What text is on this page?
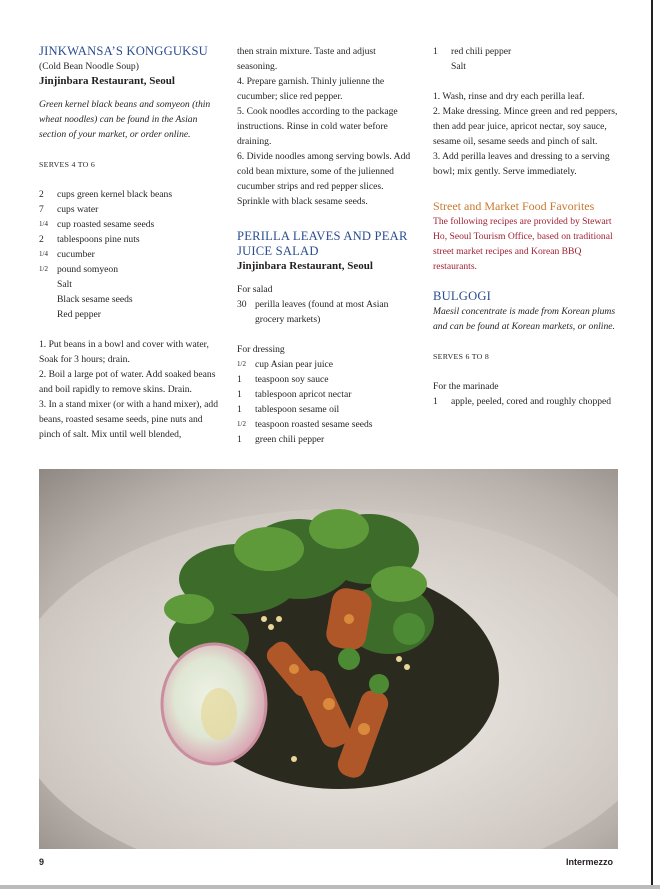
JINKWANSA’S KONGGUKSU
(Cold Bean Noodle Soup)
Jinjinbara Restaurant, Seoul
Green kernel black beans and somyeon (thin wheat noodles) can be found in the Asian section of your market, or order online.
SERVES 4 TO 6
2	cups green kernel black beans
7	cups water
1/4 cup roasted sesame seeds
2	tablespoons pine nuts
1/4 cucumber
1/2 pound somyeon
Salt
Black sesame seeds
Red pepper
1. Put beans in a bowl and cover with water, Soak for 3 hours; drain.
2. Boil a large pot of water. Add soaked beans and boil rapidly to remove skins. Drain.
3. In a stand mixer (or with a hand mixer), add beans, roasted sesame seeds, pine nuts and pinch of salt. Mix until well blended,
then strain mixture. Taste and adjust seasoning.
4. Prepare garnish. Thinly julienne the cucumber; slice red pepper.
5. Cook noodles according to the package instructions. Rinse in cold water before draining.
6. Divide noodles among serving bowls. Add cold bean mixture, some of the julienned cucumber strips and red pepper slices. Sprinkle with black sesame seeds.
PERILLA LEAVES AND PEAR JUICE SALAD
Jinjinbara Restaurant, Seoul
For salad
30 perilla leaves (found at most Asian grocery markets)
For dressing
1/2 cup Asian pear juice
1	teaspoon soy sauce
1	tablespoon apricot nectar
1	tablespoon sesame oil
1/2 teaspoon roasted sesame seeds
1	green chili pepper
1	red chili pepper
Salt
1. Wash, rinse and dry each perilla leaf.
2. Make dressing. Mince green and red peppers, then add pear juice, apricot nectar, soy sauce, sesame oil, sesame seeds and pinch of salt.
3. Add perilla leaves and dressing to a serving bowl; mix gently. Serve immediately.
Street and Market Food Favorites
The following recipes are provided by Stewart Ho, Seoul Tourism Office, based on traditional street market recipes and Korean BBQ restaurants.
BULGOGI
Maesil concentrate is made from Korean plums and can be found at Korean markets, or online.
SERVES 6 TO 8
For the marinade
1	apple, peeled, cored and roughly chopped
9	Intermezzo
